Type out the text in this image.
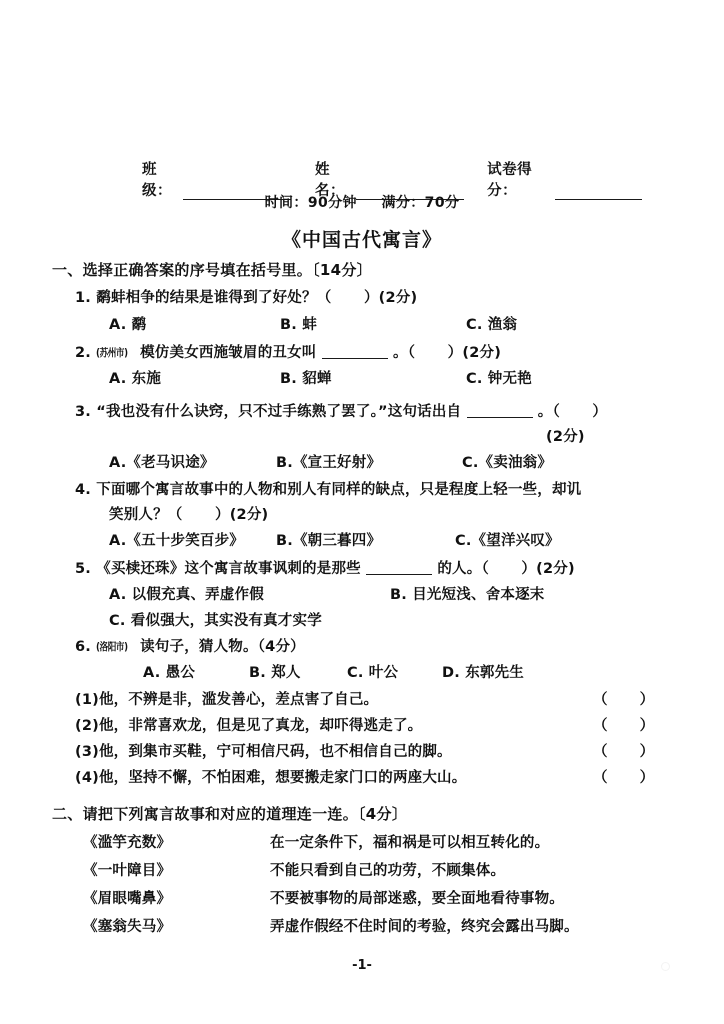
班级：
姓名：
试卷得分：
时间：90分钟 满分：70分
《中国古代寓言》
一、选择正确答案的序号填在括号里。〔14分〕
1. 鹬蚌相争的结果是谁得到了好处？（ ）(2分)
A. 鹬	B. 蚌	C. 渔翁
2. (苏州市) 模仿美女西施皱眉的丑女叫	。（ ）(2分)
A. 东施	B. 貂蝉	C. 钟无艳
3. “我也没有什么诀窍，只不过手练熟了罢了。”这句话出自	。（ ）
(2分)
A.《老马识途》	B.《宣王好射》	C.《卖油翁》
4. 下面哪个寓言故事中的人物和别人有同样的缺点，只是程度上轻一些，却讥
笑别人？（ ）(2分)
A.《五十步笑百步》 B.《朝三暮四》	C.《望洋兴叹》
5. 《买椟还珠》这个寓言故事讽刺的是那些	的人。（ ）(2分)
A. 以假充真、弄虚作假	B. 目光短浅、舍本逐末
C. 看似强大，其实没有真才实学
6. (洛阳市) 读句子，猜人物。（4分）
A. 愚公	B. 郑人	C. 叶公	D. 东郭先生
(1)他，不辨是非，滥发善心，差点害了自己。	（ ）
(2)他，非常喜欢龙，但是见了真龙，却吓得逃走了。	（ ）
(3)他，到集市买鞋，宁可相信尺码，也不相信自己的脚。	（ ）
(4)他，坚持不懈，不怕困难，想要搬走家门口的两座大山。	（ ）
二、请把下列寓言故事和对应的道理连一连。〔4分〕
《滥竽充数》	在一定条件下，福和祸是可以相互转化的。
《一叶障目》	不能只看到自己的功劳，不顾集体。
《眉眼嘴鼻》	不要被事物的局部迷惑，要全面地看待事物。
《塞翁失马》	弄虚作假经不住时间的考验，终究会露出马脚。
-1-
